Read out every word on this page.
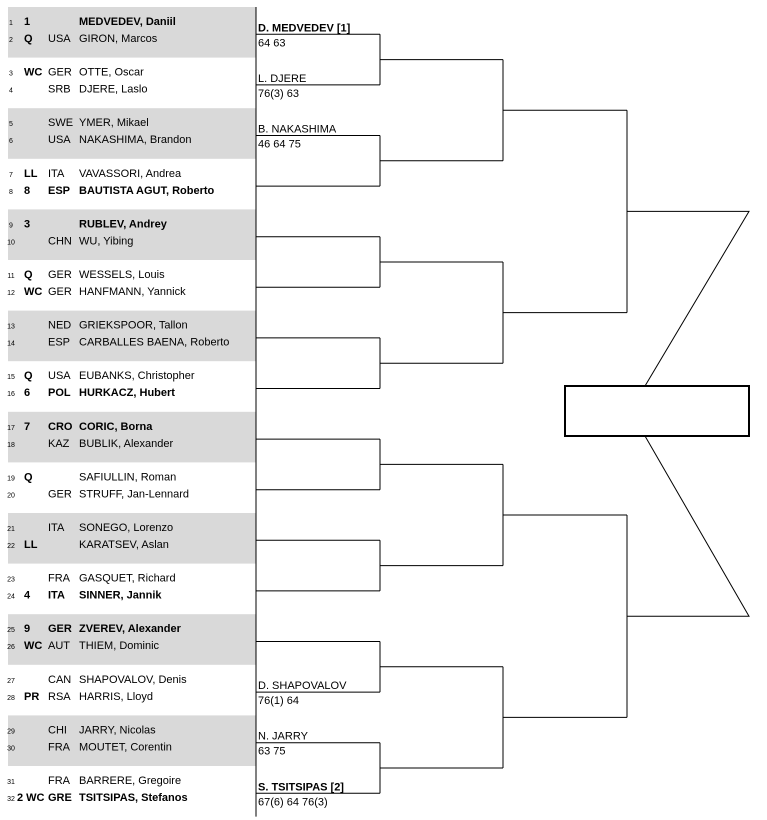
1 1	MEDVEDEV, Daniil
2 Q USA GIRON, Marcos
3 WC GER OTTE, Oscar
4	SRB DJERE, Laslo
5	SWE YMER, Mikael
6	USA NAKASHIMA, Brandon
7 LL ITA VAVASSORI, Andrea
8 8 ESP BAUTISTA AGUT, Roberto
9 3	RUBLEV, Andrey
10	CHN WU, Yibing
11 Q GER WESSELS, Louis
12 WC GER HANFMANN, Yannick
13	NED GRIEKSPOOR, Tallon
14	ESP CARBALLES BAENA, Roberto
15 Q USA EUBANKS, Christopher
16 6 POL HURKACZ, Hubert
17 7 CRO CORIC, Borna
18	KAZ BUBLIK, Alexander
19 Q	SAFIULLIN, Roman
20	GER STRUFF, Jan-Lennard
21	ITA SONEGO, Lorenzo
22 LL	KARATSEV, Aslan
23	FRA GASQUET, Richard
24 4 ITA SINNER, Jannik
25 9 GER ZVEREV, Alexander
26 WC AUT THIEM, Dominic
27	CAN SHAPOVALOV, Denis
28 PR RSA HARRIS, Lloyd
29	CHI JARRY, Nicolas
30	FRA MOUTET, Corentin
31	FRA BARRERE, Gregoire
32 2 WC GRE TSITSIPAS, Stefanos
D. MEDVEDEV [1]
64 63
L. DJERE
76(3) 63
B. NAKASHIMA
46 64 75
D. SHAPOVALOV
76(1) 64
N. JARRY
63 75
S. TSITSIPAS [2]
67(6) 64 76(3)
